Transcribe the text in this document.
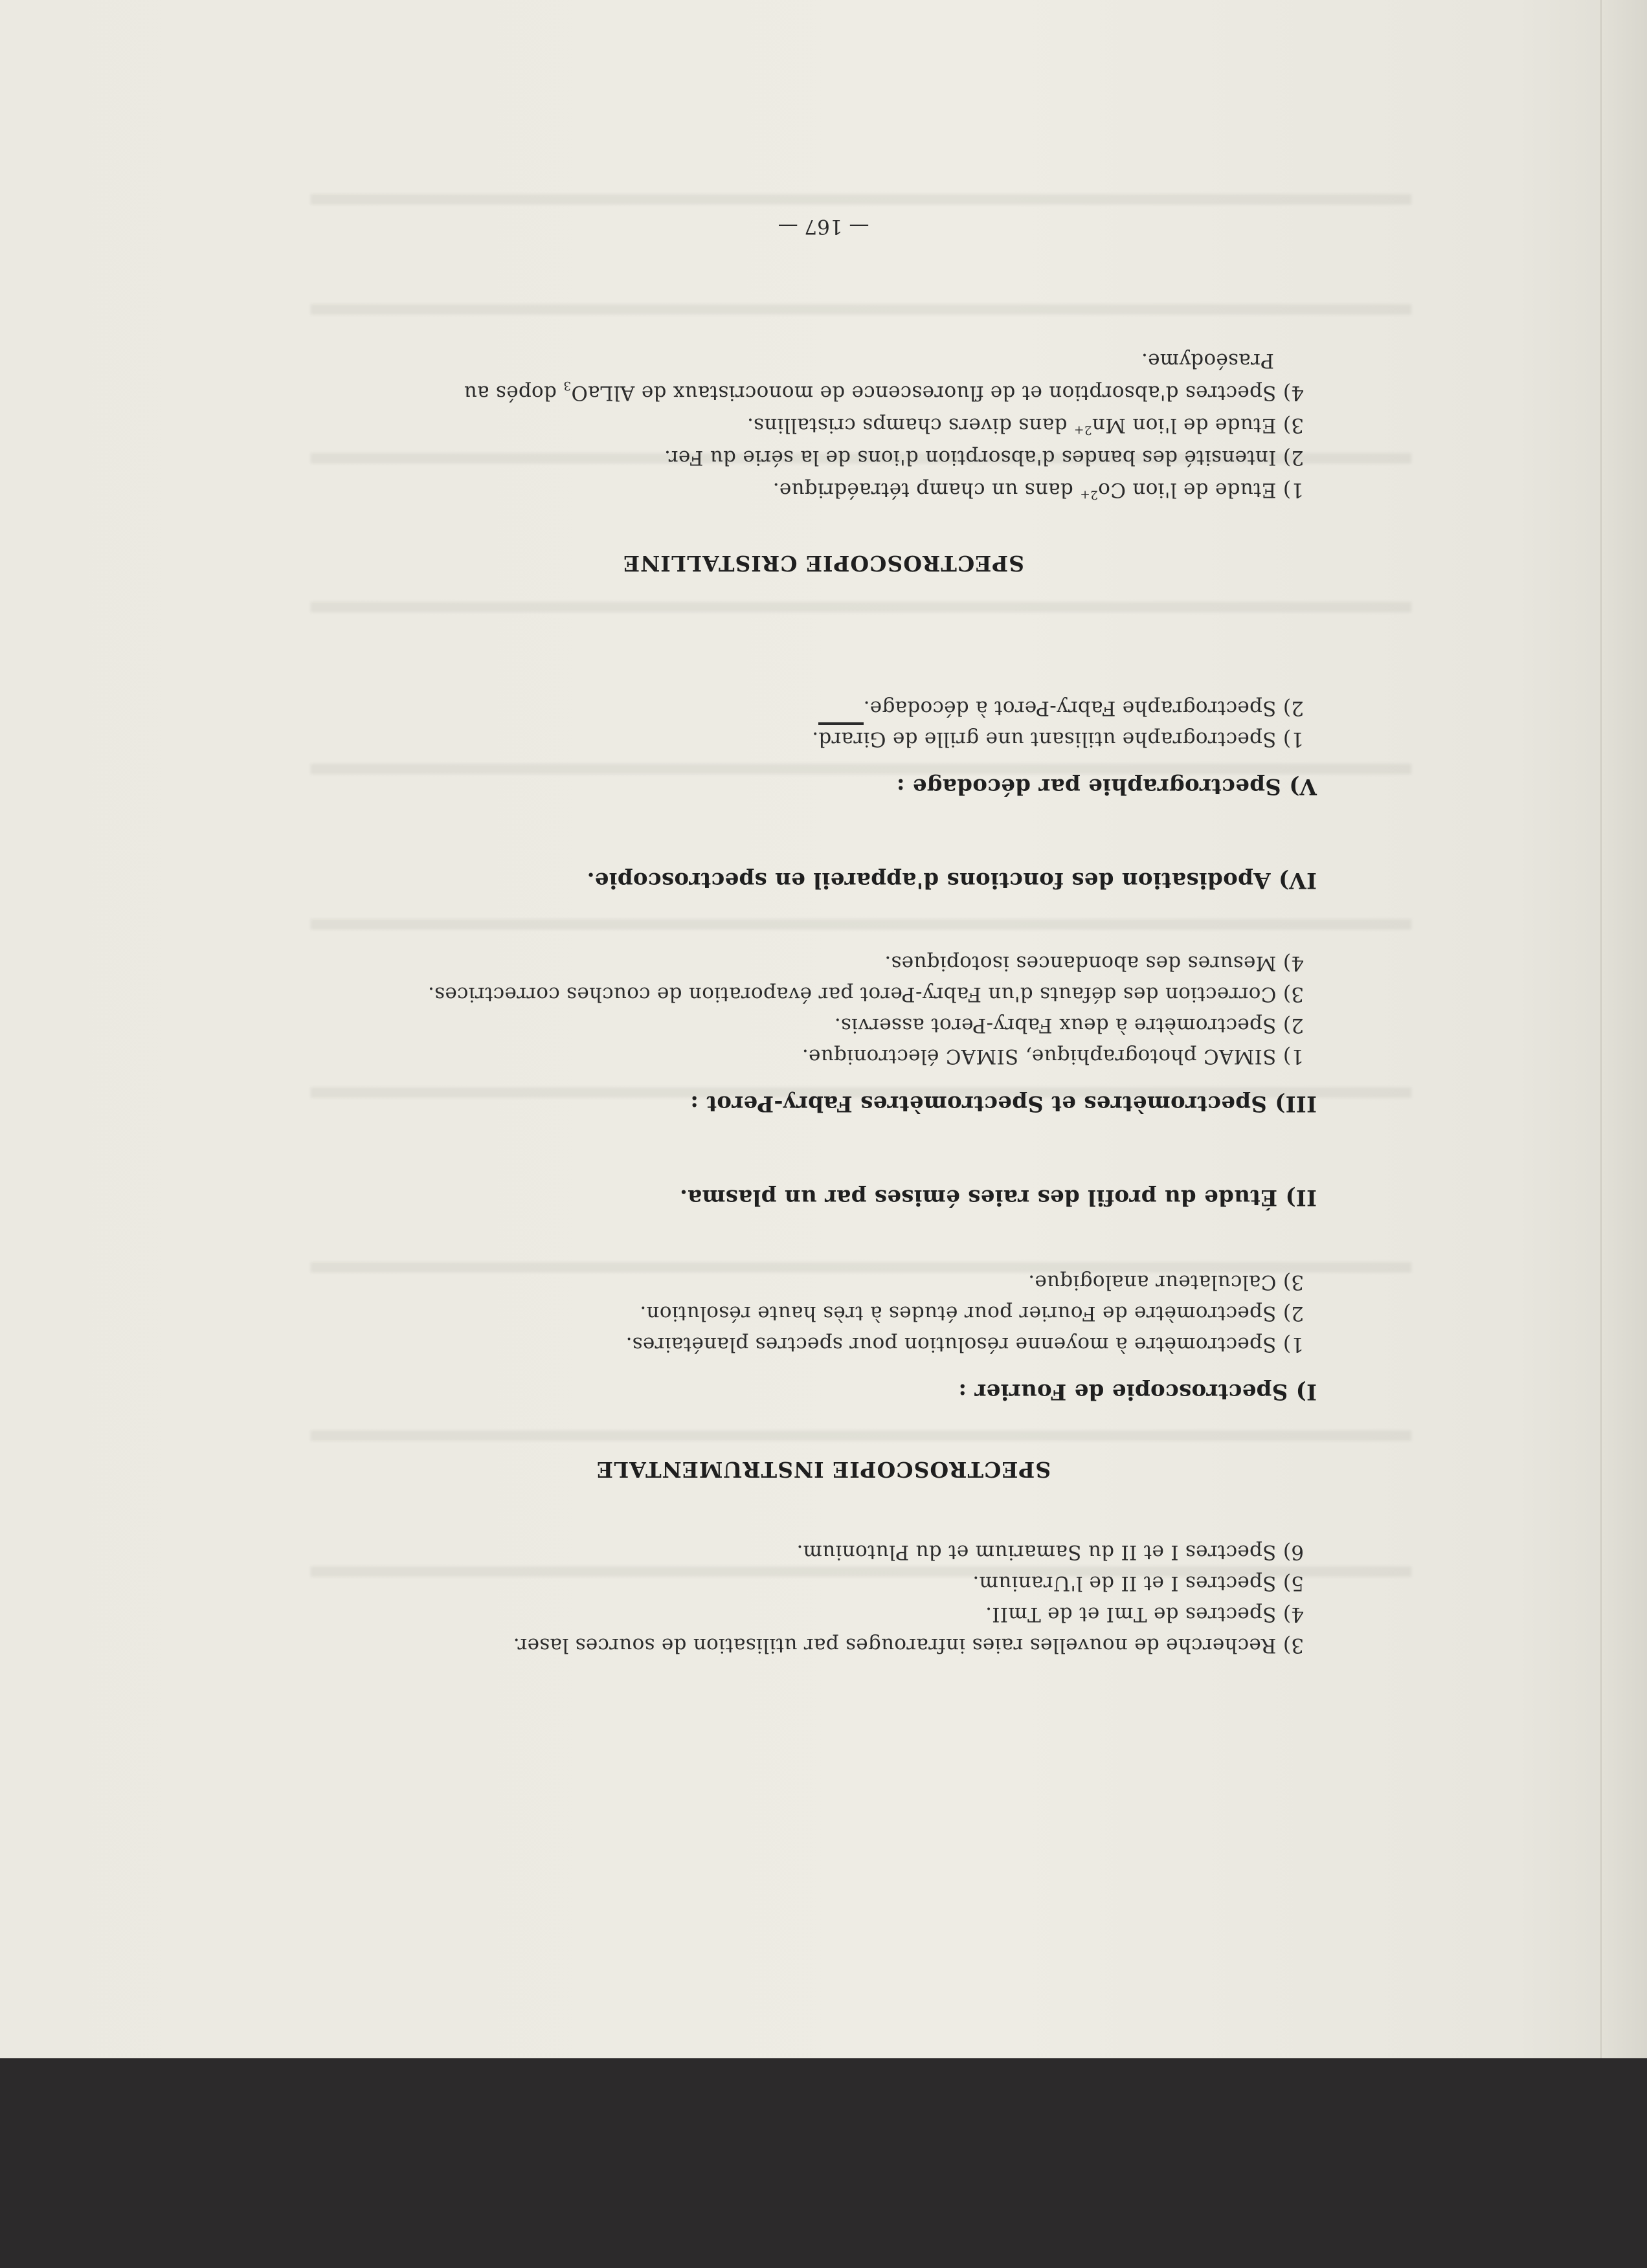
— 167 —
SPECTROSCOPIE CRISTALLINE
1) Etude de l'ion $Co^{2+}$ dans un champ tétraédrique.
2) Intensité des bandes d'absorption d'ions de la série du Fer.
3) Etude de l'ion $Mn^{2+}$ dans divers champs cristallins.
4) Spectres d'absorption et de fluorescence de monocristaux de AlLaO$_3$ dopés au
Praséodyme.
3) Recherche de nouvelles raies infrarouges par utilisation de sources laser.
4) Spectres de TmI et de TmII.
5) Spectres I et II de l'Uranium.
6) Spectres I et II du Samarium et du Plutonium.
SPECTROSCOPIE INSTRUMENTALE
I) Spectroscopie de Fourier :
1) Spectromètre à moyenne résolution pour spectres planétaires.
2) Spectromètre de Fourier pour études à très haute résolution.
3) Calculateur analogique.
II) Étude du profil des raies émises par un plasma.
III) Spectromètres et Spectromètres Fabry-Perot :
1) SIMAC photographique, SIMAC électronique.
2) Spectromètre à deux Fabry-Perot asservis.
3) Correction des défauts d'un Fabry-Perot par évaporation de couches correctrices.
4) Mesures des abondances isotopiques.
IV) Apodisation des fonctions d'appareil en spectroscopie.
V) Spectrographie par décodage :
1) Spectrographe utilisant une grille de Girard.
2) Spectrographe Fabry-Perot à décodage.
